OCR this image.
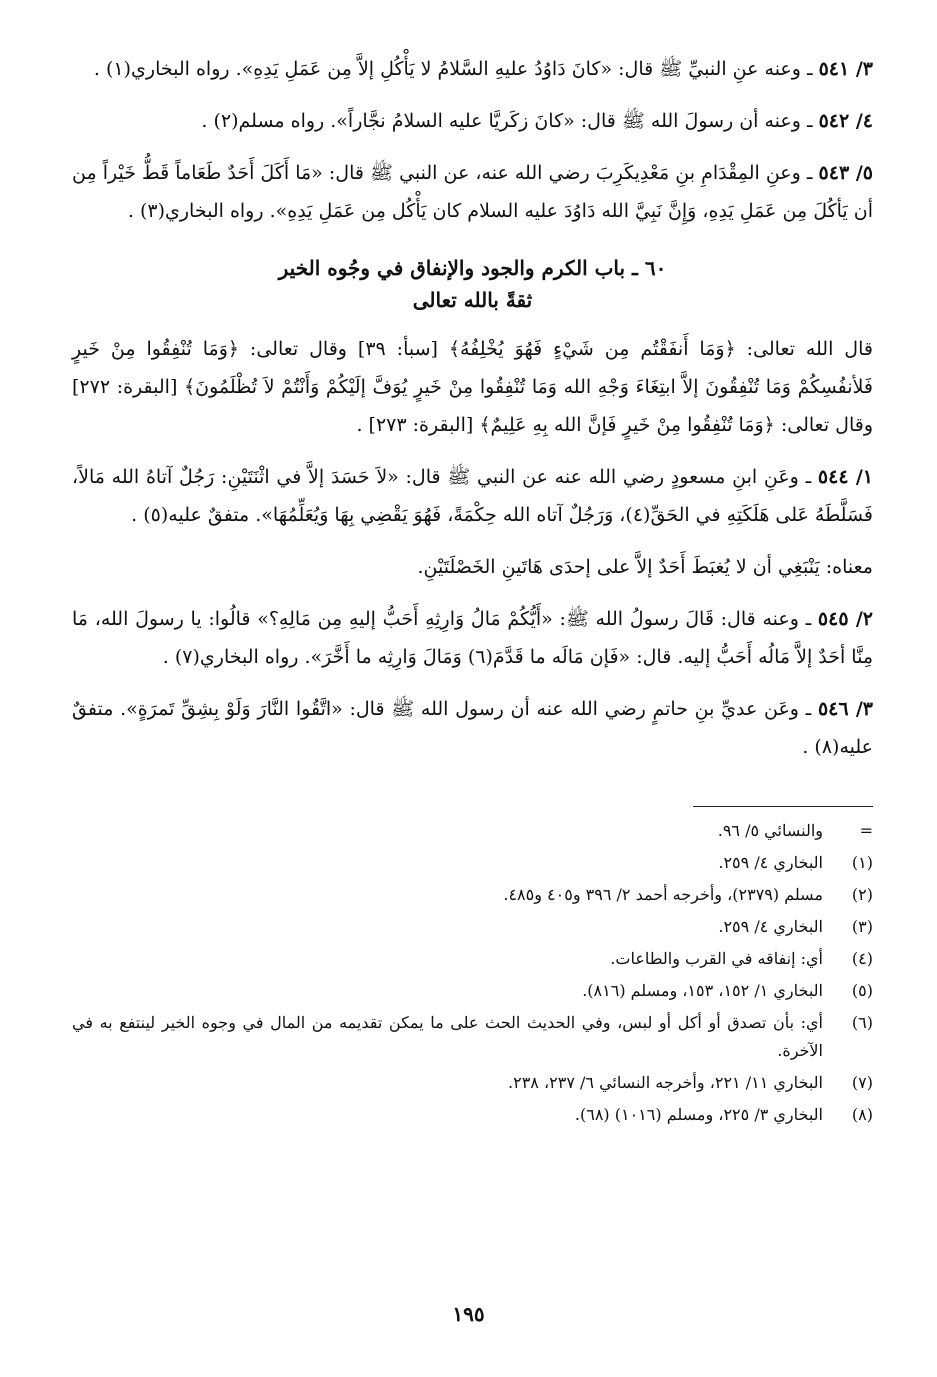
٣/ ٥٤١ ـ وعنه عنِ النبيِّ ﷺ قال: «كانَ دَاوُدُ عليهِ السَّلامُ لا يَأْكُلِ إلاَّ مِن عَمَلِ يَدِهِ». رواه البخاري(١) .

٤/ ٥٤٢ ـ وعنه أن رسولَ الله ﷺ قال: «كانَ زكَريَّا عليه السلامُ نجَّاراً». رواه مسلم(٢) .

٥/ ٥٤٣ ـ وعنِ المِقْدَامِ بنِ مَعْدِيكَرِبَ رضي الله عنه، عن النبي ﷺ قال: «مَا أَكَلَ أَحَدٌ طَعَاماً قَطُّ خَيْراً مِن أن يَأكُلَ مِن عَمَلِ يَدِهِ، وَإِنَّ نَبِيَّ الله دَاوُدَ عليه السلام كان يَأْكُل مِن عَمَلِ يَدِهِ». رواه البخاري(٣) .

٦٠ ـ باب الكرم والجود والإنفاق في وجُوه الخير

ثقةً بالله تعالى

قال الله تعالى: ﴿وَمَا أَنفَقْتُم مِن شَيْءٍ فَهُوَ يُخْلِفُهُ﴾ [سبأ: ٣٩] وقال تعالى: ﴿وَمَا تُنْفِقُوا مِنْ خَيرٍ فَلأنفُسِكُمْ وَمَا تُنْفِقُونَ إلاَّ ابتِغَاءَ وَجْهِ الله وَمَا تُنْفِقُوا مِنْ خَيرٍ يُوَفَّ إلَيْكُمْ وَأَنْتُمْ لاَ تُظْلَمُونَ﴾ [البقرة: ٢٧٢] وقال تعالى: ﴿وَمَا تُنْفِقُوا مِنْ خَيرٍ فَإنَّ الله بِهِ عَلِيمٌ﴾ [البقرة: ٢٧٣] .

١/ ٥٤٤ ـ وعَنِ ابنِ مسعودٍ رضي الله عنه عن النبي ﷺ قال: «لاَ حَسَدَ إلاَّ في اثْنَتَيْنِ: رَجُلٌ آتاهُ الله مَالاً، فَسَلَّطَهُ عَلى هَلَكَتِهِ في الحَقِّ(٤)، وَرَجُلٌ آتاه الله حِكْمَةً، فَهُوَ يَقْضِي بِهَا وَيُعَلِّمُهَا». متفقٌ عليه(٥) .

معناه: يَنْبَغِي أن لا يُغبَطَ أَحَدٌ إلاَّ على إحدَى هَاتَينِ الخَصْلَتَيْنِ.

٢/ ٥٤٥ ـ وعنه قال: قَالَ رسولُ الله ﷺ: «أَيُّكُمْ مَالُ وَارِثِهِ أَحَبُّ إليهِ مِن مَالِهِ؟» قالُوا: يا رسولَ الله، مَا مِنَّا أحَدٌ إلاَّ مَالُه أَحَبُّ إليه. قال: «فَإن مَالَه ما قَدَّمَ(٦) وَمَالَ وَارِثِه ما أَخَّرَ». رواه البخاري(٧) .

٣/ ٥٤٦ ـ وعَن عديِّ بنِ حاتمٍ رضي الله عنه أن رسول الله ﷺ قال: «اتَّقُوا النَّارَ وَلَوْ بِشِقِّ تَمرَةٍ». متفقٌ عليه(٨) .

=
والنسائي ٥/ ٩٦.
(١)
البخاري ٤/ ٢٥٩.
(٢)
مسلم (٢٣٧٩)، وأخرجه أحمد ٢/ ٣٩٦ و٤٠٥ و٤٨٥.
(٣)
البخاري ٤/ ٢٥٩.
(٤)
أي: إنفاقه في القرب والطاعات.
(٥)
البخاري ١/ ١٥٢، ١٥٣، ومسلم (٨١٦).
(٦)
أي: بأن تصدق أو أكل أو لبس، وفي الحديث الحث على ما يمكن تقديمه من المال في وجوه الخير لينتفع به في الآخرة.
(٧)
البخاري ١١/ ٢٢١، وأخرجه النسائي ٦/ ٢٣٧، ٢٣٨.
(٨)
البخاري ٣/ ٢٢٥، ومسلم (١٠١٦) (٦٨).
١٩٥
